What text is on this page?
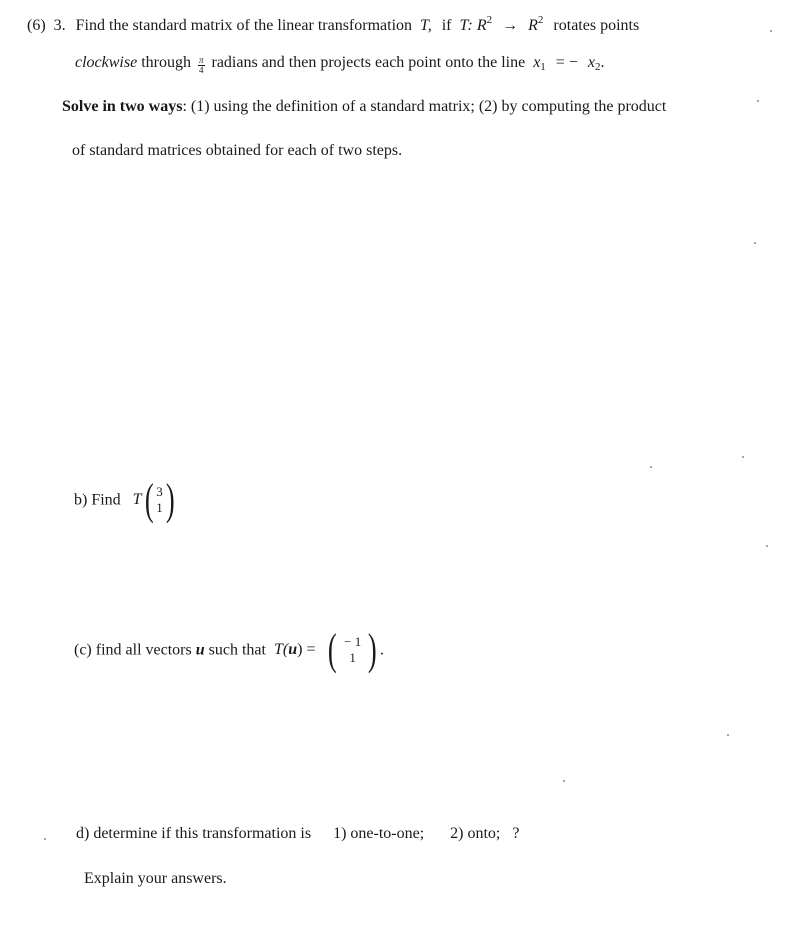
(6) 3. Find the standard matrix of the linear transformation T, if T: $R^2 \to R^2$ rotates points
clockwise through $\frac{\pi}{4}$ radians and then projects each point onto the line $x_1$ = − $x_2$.
Solve in two ways: (1) using the definition of a standard matrix; (2) by computing the product
of standard matrices obtained for each of two steps.
b) Find T( 3
1 )
(c) find all vectors u such that T(u) = ( − 1
1 ) .
d) determine if this transformation is 1) one-to-one; 2) onto; ?
Explain your answers.
